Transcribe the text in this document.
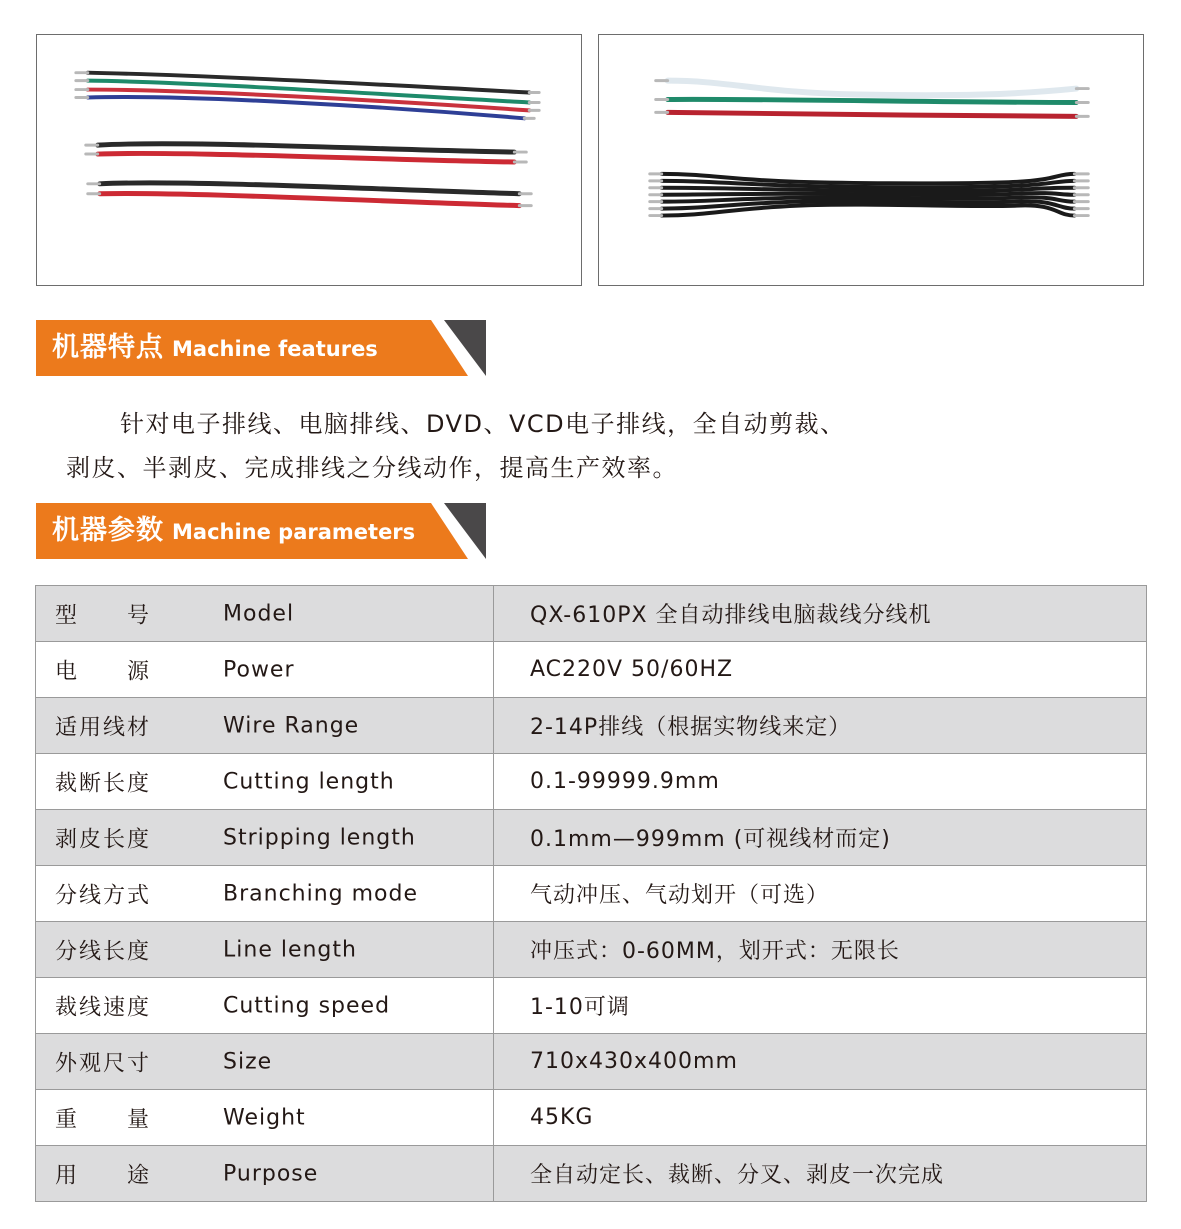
机器特点 Machine features

针对电子排线、电脑排线、DVD、VCD电子排线，全自动剪裁、

剥皮、半剥皮、完成排线之分线动作，提高生产效率。

机器参数 Machine parameters
型　　号 Model	QX-610PX 全自动排线电脑裁线分线机

电　　源 Power	AC220V 50/60HZ

适用线材 Wire Range	2-14P排线（根据实物线来定）

裁断长度 Cutting length	0.1-99999.9mm

剥皮长度 Stripping length	0.1mm—999mm (可视线材而定)

分线方式 Branching mode	气动冲压、气动划开（可选）

分线长度 Line length	冲压式：0-60MM，划开式：无限长

裁线速度 Cutting speed	1-10可调

外观尺寸 Size	710x430x400mm

重　　量 Weight	45KG

用　　途 Purpose	全自动定长、裁断、分叉、剥皮一次完成
